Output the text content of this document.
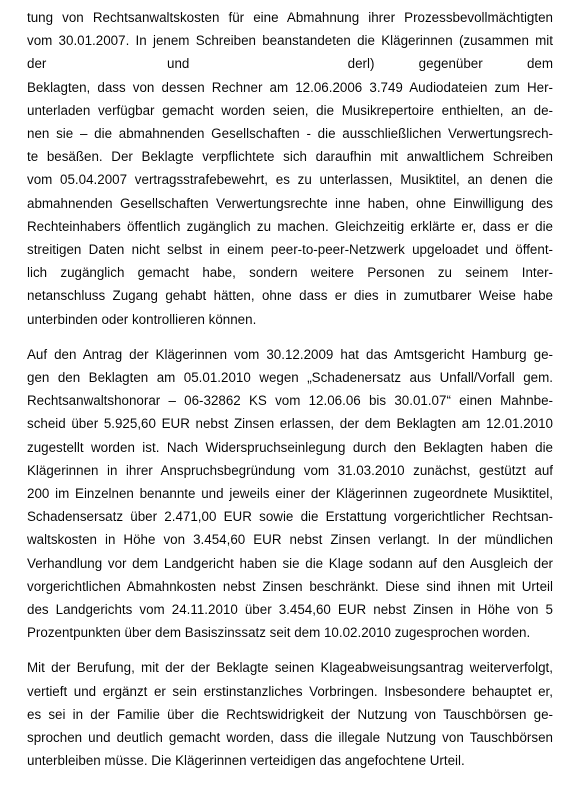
tung von Rechtsanwaltskosten für eine Abmahnung ihrer Prozessbevollmächtigten
vom 30.01.2007. In jenem Schreiben beanstandeten die Klägerinnen (zusammen mit
der	und der l) gegenüber dem
Beklagten, dass von dessen Rechner am 12.06.2006 3.749 Audiodateien zum Her-
unterladen verfügbar gemacht worden seien, die Musikrepertoire enthielten, an de-
nen sie – die abmahnenden Gesellschaften - die ausschließlichen Verwertungsrech-
te besäßen. Der Beklagte verpflichtete sich daraufhin mit anwaltlichem Schreiben
vom 05.04.2007 vertragsstrafebewehrt, es zu unterlassen, Musiktitel, an denen die
abmahnenden Gesellschaften Verwertungsrechte inne haben, ohne Einwilligung des
Rechteinhabers öffentlich zugänglich zu machen. Gleichzeitig erklärte er, dass er die
streitigen Daten nicht selbst in einem peer-to-peer-Netzwerk upgeloadet und öffent-
lich zugänglich gemacht habe, sondern weitere Personen zu seinem Inter-
netanschluss Zugang gehabt hätten, ohne dass er dies in zumutbarer Weise habe
unterbinden oder kontrollieren können.
Auf den Antrag der Klägerinnen vom 30.12.2009 hat das Amtsgericht Hamburg ge-
gen den Beklagten am 05.01.2010 wegen „Schadenersatz aus Unfall/Vorfall gem.
Rechtsanwaltshonorar – 06-32862 KS vom 12.06.06 bis 30.01.07“ einen Mahnbe-
scheid über 5.925,60 EUR nebst Zinsen erlassen, der dem Beklagten am 12.01.2010
zugestellt worden ist. Nach Widerspruchseinlegung durch den Beklagten haben die
Klägerinnen in ihrer Anspruchsbegründung vom 31.03.2010 zunächst, gestützt auf
200 im Einzelnen benannte und jeweils einer der Klägerinnen zugeordnete Musiktitel,
Schadensersatz über 2.471,00 EUR sowie die Erstattung vorgerichtlicher Rechtsan-
waltskosten in Höhe von 3.454,60 EUR nebst Zinsen verlangt. In der mündlichen
Verhandlung vor dem Landgericht haben sie die Klage sodann auf den Ausgleich der
vorgerichtlichen Abmahnkosten nebst Zinsen beschränkt. Diese sind ihnen mit Urteil
des Landgerichts vom 24.11.2010 über 3.454,60 EUR nebst Zinsen in Höhe von 5
Prozentpunkten über dem Basiszinssatz seit dem 10.02.2010 zugesprochen worden.
Mit der Berufung, mit der der Beklagte seinen Klageabweisungsantrag weiterverfolgt,
vertieft und ergänzt er sein erstinstanzliches Vorbringen. Insbesondere behauptet er,
es sei in der Familie über die Rechtswidrigkeit der Nutzung von Tauschbörsen ge-
sprochen und deutlich gemacht worden, dass die illegale Nutzung von Tauschbörsen
unterbleiben müsse. Die Klägerinnen verteidigen das angefochtene Urteil.
